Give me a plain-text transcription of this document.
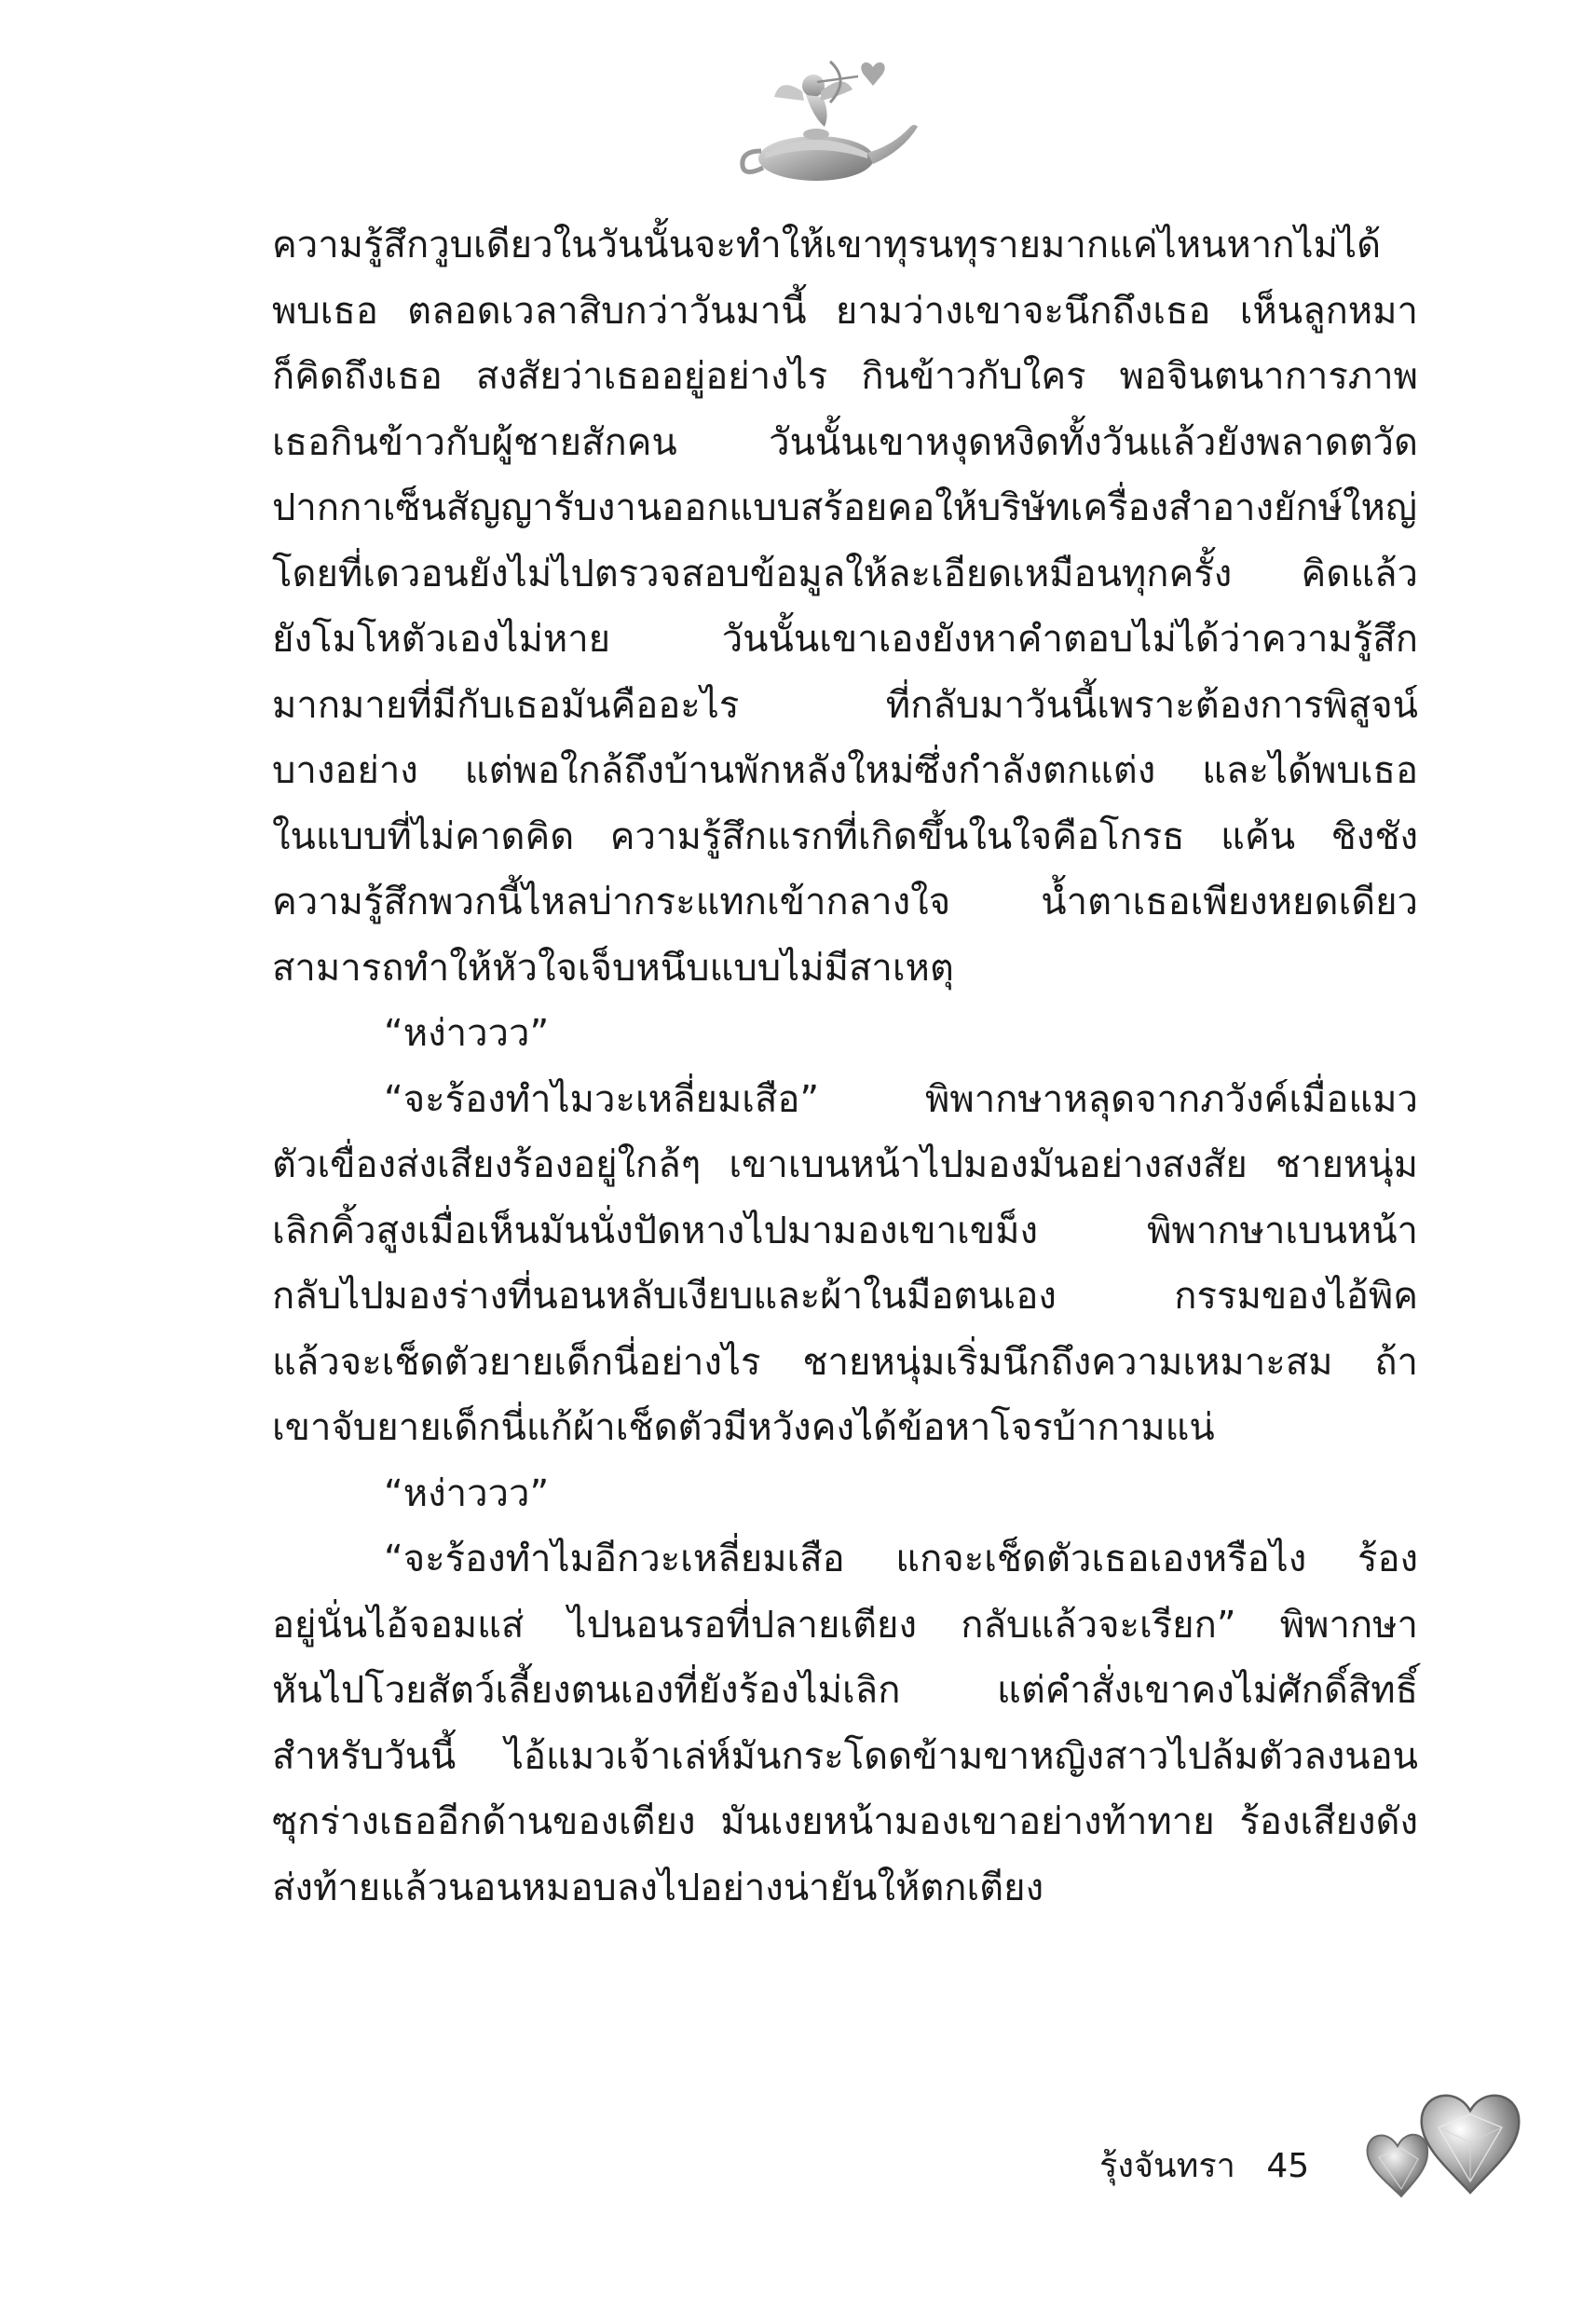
ความรู้สึกวูบเดียวในวันนั้นจะทำให้เขาทุรนทุรายมากแค่ไหนหากไม่ได้
พบเธอ ตลอดเวลาสิบกว่าวันมานี้ ยามว่างเขาจะนึกถึงเธอ เห็นลูกหมา
ก็คิดถึงเธอ สงสัยว่าเธออยู่อย่างไร กินข้าวกับใคร พอจินตนาการภาพ
เธอกินข้าวกับผู้ชายสักคน วันนั้นเขาหงุดหงิดทั้งวันแล้วยังพลาดตวัด
ปากกาเซ็นสัญญารับงานออกแบบสร้อยคอให้บริษัทเครื่องสำอางยักษ์ใหญ่
โดยที่เดวอนยังไม่ไปตรวจสอบข้อมูลให้ละเอียดเหมือนทุกครั้ง คิดแล้ว
ยังโมโหตัวเองไม่หาย วันนั้นเขาเองยังหาคำตอบไม่ได้ว่าความรู้สึก
มากมายที่มีกับเธอมันคืออะไร ที่กลับมาวันนี้เพราะต้องการพิสูจน์
บางอย่าง แต่พอใกล้ถึงบ้านพักหลังใหม่ซึ่งกำลังตกแต่ง และได้พบเธอ
ในแบบที่ไม่คาดคิด ความรู้สึกแรกที่เกิดขึ้นในใจคือโกรธ แค้น ชิงชัง
ความรู้สึกพวกนี้ไหลบ่ากระแทกเข้ากลางใจ น้ำตาเธอเพียงหยดเดียว
สามารถทำให้หัวใจเจ็บหนึบแบบไม่มีสาเหตุ
“หง่าววว”
“จะร้องทำไมวะเหลี่ยมเสือ” พิพากษาหลุดจากภวังค์เมื่อแมว
ตัวเขื่องส่งเสียงร้องอยู่ใกล้ๆ เขาเบนหน้าไปมองมันอย่างสงสัย ชายหนุ่ม
เลิกคิ้วสูงเมื่อเห็นมันนั่งปัดหางไปมามองเขาเขม็ง พิพากษาเบนหน้า
กลับไปมองร่างที่นอนหลับเงียบและผ้าในมือตนเอง กรรมของไอ้พิค
แล้วจะเช็ดตัวยายเด็กนี่อย่างไร ชายหนุ่มเริ่มนึกถึงความเหมาะสม ถ้า
เขาจับยายเด็กนี่แก้ผ้าเช็ดตัวมีหวังคงได้ข้อหาโจรบ้ากามแน่
“หง่าววว”
“จะร้องทำไมอีกวะเหลี่ยมเสือ แกจะเช็ดตัวเธอเองหรือไง ร้อง
อยู่นั่นไอ้จอมแส่ ไปนอนรอที่ปลายเตียง กลับแล้วจะเรียก” พิพากษา
หันไปโวยสัตว์เลี้ยงตนเองที่ยังร้องไม่เลิก แต่คำสั่งเขาคงไม่ศักดิ์สิทธิ์
สำหรับวันนี้ ไอ้แมวเจ้าเล่ห์มันกระโดดข้ามขาหญิงสาวไปล้มตัวลงนอน
ซุกร่างเธออีกด้านของเตียง มันเงยหน้ามองเขาอย่างท้าทาย ร้องเสียงดัง
ส่งท้ายแล้วนอนหมอบลงไปอย่างน่ายันให้ตกเตียง
รุ้งจันทรา 45
